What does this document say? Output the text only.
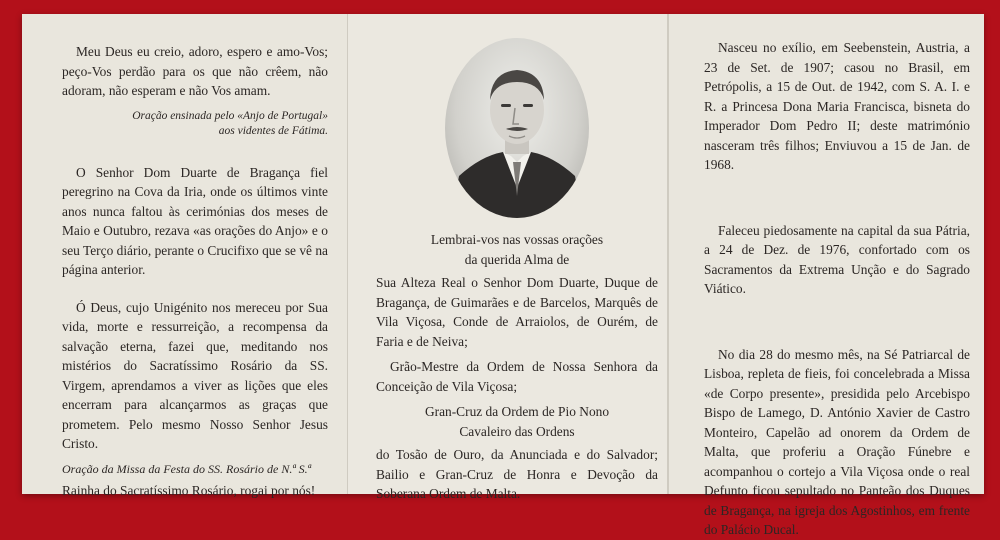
Meu Deus eu creio, adoro, espero e amo-Vos; peço-Vos perdão para os que não crêem, não adoram, não esperam e não Vos amam.

Oração ensinada pelo «Anjo de Portugal»

aos videntes de Fátima.

O Senhor Dom Duarte de Bragança fiel peregrino na Cova da Iria, onde os últimos vinte anos nunca faltou às cerimónias dos meses de Maio e Outubro, rezava «as orações do Anjo» e o seu Terço diário, perante o Crucifixo que se vê na página anterior.

Ó Deus, cujo Unigénito nos mereceu por Sua vida, morte e ressurreição, a recompensa da salvação eterna, fazei que, meditando nos mistérios do Sacratíssimo Rosário da SS. Virgem, aprendamos a viver as lições que eles encerram para alcançarmos as graças que prometem. Pelo mesmo Nosso Senhor Jesus Cristo.

Oração da Missa da Festa do SS. Rosário de N.ª S.ª

Rainha do Sacratíssimo Rosário, rogai por nós!

Lembrai-vos nas vossas orações

da querida Alma de

Sua Alteza Real o Senhor Dom Duarte, Duque de Bragança, de Guimarães e de Barcelos, Marquês de Vila Viçosa, Conde de Arraiolos, de Ourém, de Faria e de Neiva;

Grão-Mestre da Ordem de Nossa Senhora da Conceição de Vila Viçosa;

Gran-Cruz da Ordem de Pio Nono

Cavaleiro das Ordens

do Tosão de Ouro, da Anunciada e do Salvador; Bailio e Gran-Cruz de Honra e Devoção da Soberana Ordem de Malta.

Nasceu no exílio, em Seebenstein, Austria, a 23 de Set. de 1907; casou no Brasil, em Petrópolis, a 15 de Out. de 1942, com S. A. I. e R. a Princesa Dona Maria Francisca, bisneta do Imperador Dom Pedro II; deste matrimónio nasceram três filhos; Enviuvou a 15 de Jan. de 1968.

Faleceu piedosamente na capital da sua Pátria, a 24 de Dez. de 1976, confortado com os Sacramentos da Extrema Unção e do Sagrado Viático.

No dia 28 do mesmo mês, na Sé Patriarcal de Lisboa, repleta de fieis, foi concelebrada a Missa «de Corpo presente», presidida pelo Arcebispo Bispo de Lamego, D. António Xavier de Castro Monteiro, Capelão ad onorem da Ordem de Malta, que proferiu a Oração Fúnebre e acompanhou o cortejo a Vila Viçosa onde o real Defunto ficou sepultado no Panteão dos Duques de Bragança, na igreja dos Agostinhos, em frente do Palácio Ducal.
